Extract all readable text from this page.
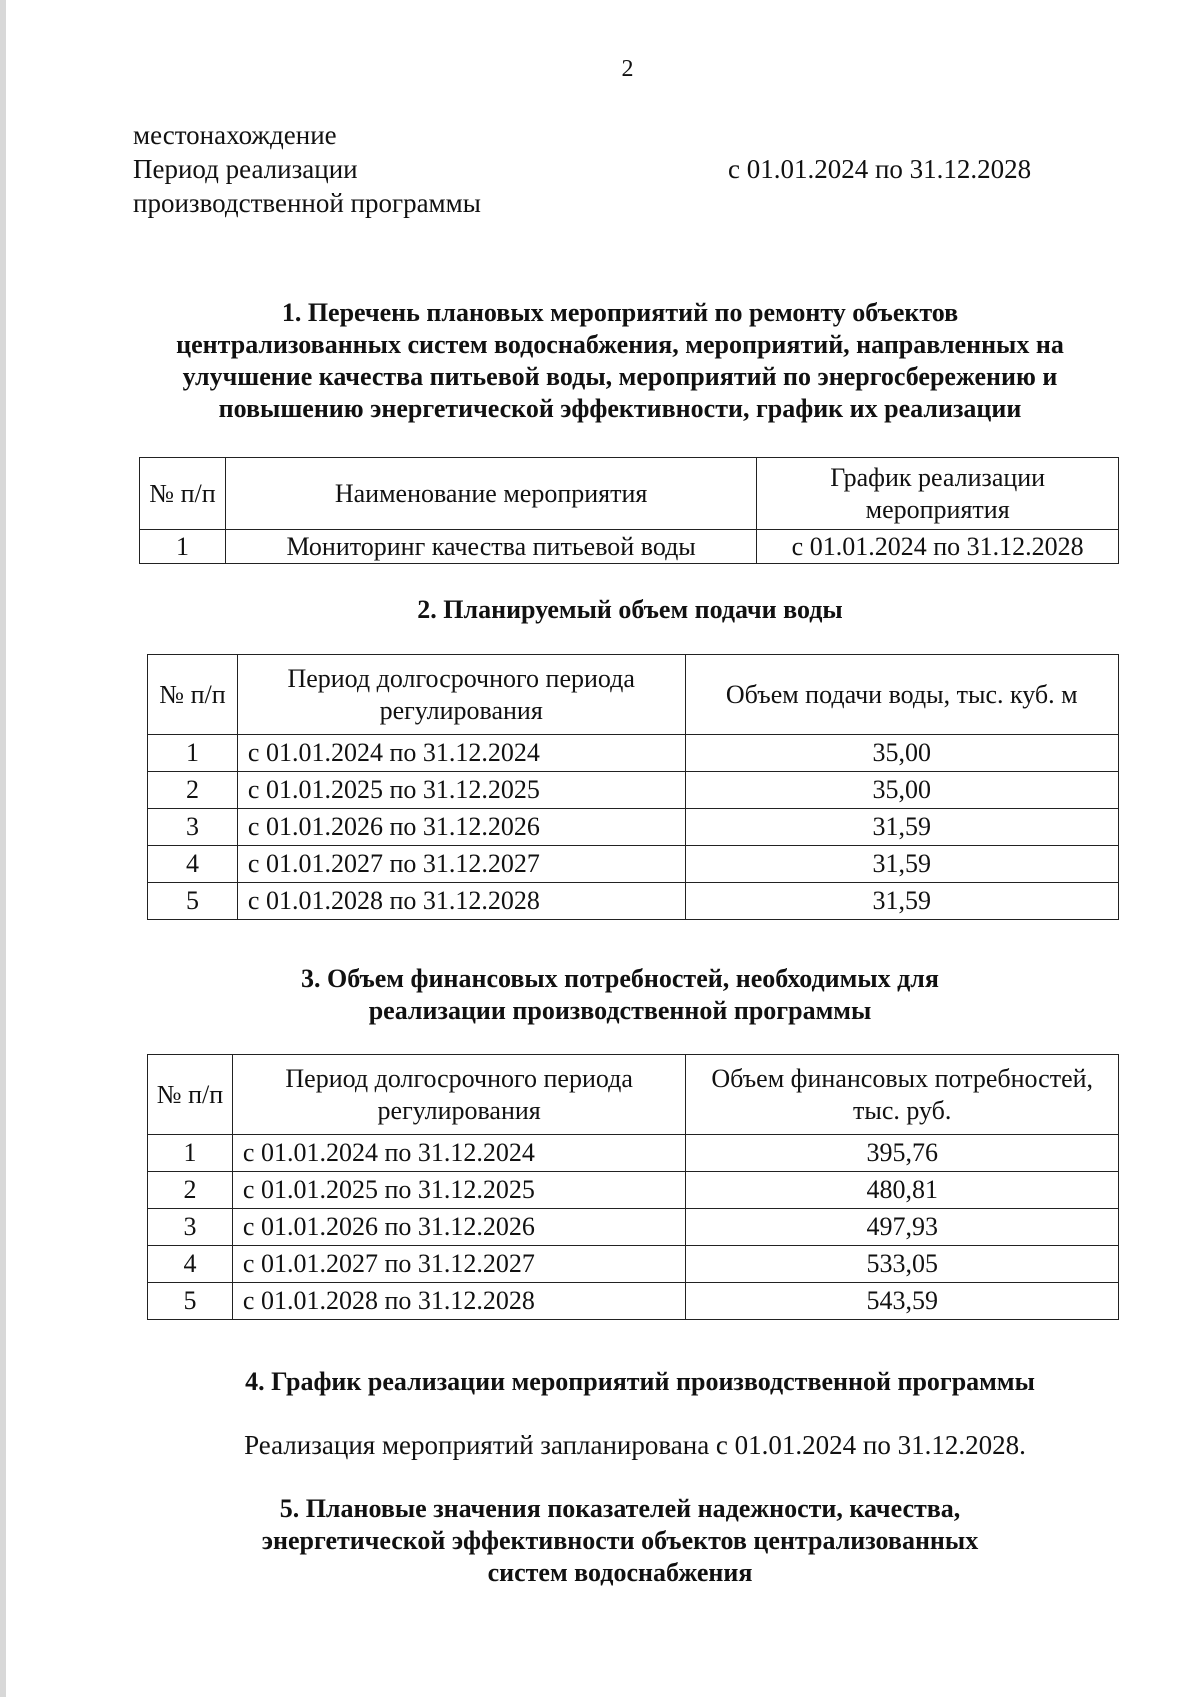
2
местонахождение
Период реализации	с 01.01.2024 по 31.12.2028
производственной программы
1. Перечень плановых мероприятий по ремонту объектов
централизованных систем водоснабжения, мероприятий, направленных на
улучшение качества питьевой воды, мероприятий по энергосбережению и
повышению энергетической эффективности, график их реализации
№ п/п	Наименование мероприятия	График реализации мероприятия
1	Мониторинг качества питьевой воды	с 01.01.2024 по 31.12.2028
2. Планируемый объем подачи воды
№ п/п	Период долгосрочного периода регулирования	Объем подачи воды, тыс. куб. м
1	с 01.01.2024 по 31.12.2024	35,00
2	с 01.01.2025 по 31.12.2025	35,00
3	с 01.01.2026 по 31.12.2026	31,59
4	с 01.01.2027 по 31.12.2027	31,59
5	с 01.01.2028 по 31.12.2028	31,59
3. Объем финансовых потребностей, необходимых для
реализации производственной программы
№ п/п	Период долгосрочного периода регулирования	Объем финансовых потребностей, тыс. руб.
1	с 01.01.2024 по 31.12.2024	395,76
2	с 01.01.2025 по 31.12.2025	480,81
3	с 01.01.2026 по 31.12.2026	497,93
4	с 01.01.2027 по 31.12.2027	533,05
5	с 01.01.2028 по 31.12.2028	543,59
4. График реализации мероприятий производственной программы
Реализация мероприятий запланирована с 01.01.2024 по 31.12.2028.
5. Плановые значения показателей надежности, качества,
энергетической эффективности объектов централизованных
систем водоснабжения
